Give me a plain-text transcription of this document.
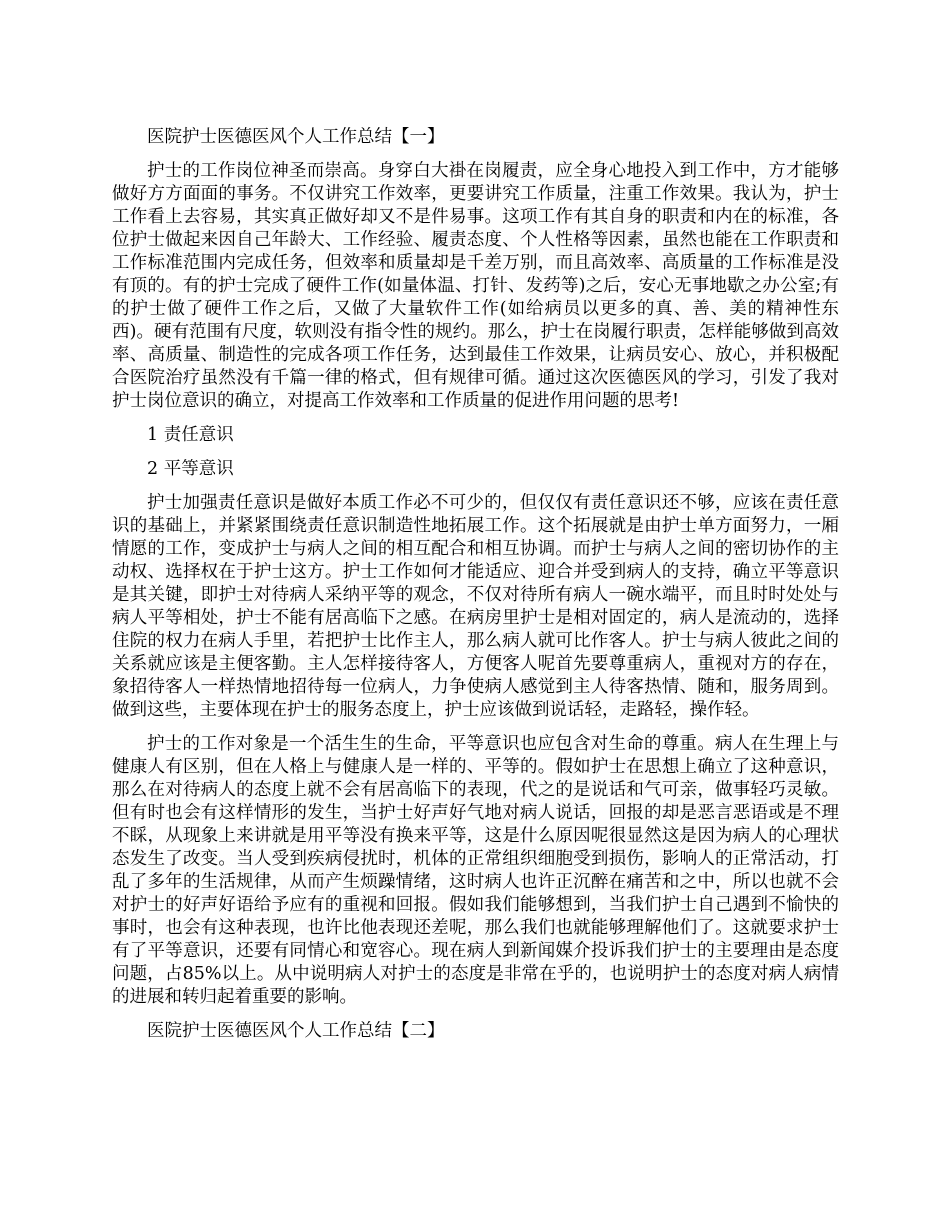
医院护士医德医风个人工作总结【一】

护士的工作岗位神圣而崇高。身穿白大褂在岗履责，应全身心地投入到工作中，方才能够做好方方面面的事务。不仅讲究工作效率，更要讲究工作质量，注重工作效果。我认为，护士工作看上去容易，其实真正做好却又不是件易事。这项工作有其自身的职责和内在的标准，各位护士做起来因自己年龄大、工作经验、履责态度、个人性格等因素，虽然也能在工作职责和工作标准范围内完成任务，但效率和质量却是千差万别，而且高效率、高质量的工作标准是没有顶的。有的护士完成了硬件工作(如量体温、打针、发药等)之后，安心无事地歇之办公室;有的护士做了硬件工作之后，又做了大量软件工作(如给病员以更多的真、善、美的精神性东西)。硬有范围有尺度，软则没有指令性的规约。那么，护士在岗履行职责，怎样能够做到高效率、高质量、制造性的完成各项工作任务，达到最佳工作效果，让病员安心、放心，并积极配合医院治疗虽然没有千篇一律的格式，但有规律可循。通过这次医德医风的学习，引发了我对护士岗位意识的确立，对提高工作效率和工作质量的促进作用问题的思考!

1 责任意识

2 平等意识

护士加强责任意识是做好本质工作必不可少的，但仅仅有责任意识还不够，应该在责任意识的基础上，并紧紧围绕责任意识制造性地拓展工作。这个拓展就是由护士单方面努力，一厢情愿的工作，变成护士与病人之间的相互配合和相互协调。而护士与病人之间的密切协作的主动权、选择权在于护士这方。护士工作如何才能适应、迎合并受到病人的支持，确立平等意识是其关键，即护士对待病人采纳平等的观念，不仅对待所有病人一碗水端平，而且时时处处与病人平等相处，护士不能有居高临下之感。在病房里护士是相对固定的，病人是流动的，选择住院的权力在病人手里，若把护士比作主人，那么病人就可比作客人。护士与病人彼此之间的关系就应该是主便客勤。主人怎样接待客人，方便客人呢首先要尊重病人，重视对方的存在，象招待客人一样热情地招待每一位病人，力争使病人感觉到主人待客热情、随和，服务周到。做到这些，主要体现在护士的服务态度上，护士应该做到说话轻，走路轻，操作轻。

护士的工作对象是一个活生生的生命，平等意识也应包含对生命的尊重。病人在生理上与健康人有区别，但在人格上与健康人是一样的、平等的。假如护士在思想上确立了这种意识，那么在对待病人的态度上就不会有居高临下的表现，代之的是说话和气可亲，做事轻巧灵敏。但有时也会有这样情形的发生，当护士好声好气地对病人说话，回报的却是恶言恶语或是不理不睬，从现象上来讲就是用平等没有换来平等，这是什么原因呢很显然这是因为病人的心理状态发生了改变。当人受到疾病侵扰时，机体的正常组织细胞受到损伤，影响人的正常活动，打乱了多年的生活规律，从而产生烦躁情绪，这时病人也许正沉醉在痛苦和之中，所以也就不会对护士的好声好语给予应有的重视和回报。假如我们能够想到，当我们护士自己遇到不愉快的事时，也会有这种表现，也许比他表现还差呢，那么我们也就能够理解他们了。这就要求护士有了平等意识，还要有同情心和宽容心。现在病人到新闻媒介投诉我们护士的主要理由是态度问题，占85%以上。从中说明病人对护士的态度是非常在乎的，也说明护士的态度对病人病情的进展和转归起着重要的影响。

医院护士医德医风个人工作总结【二】
